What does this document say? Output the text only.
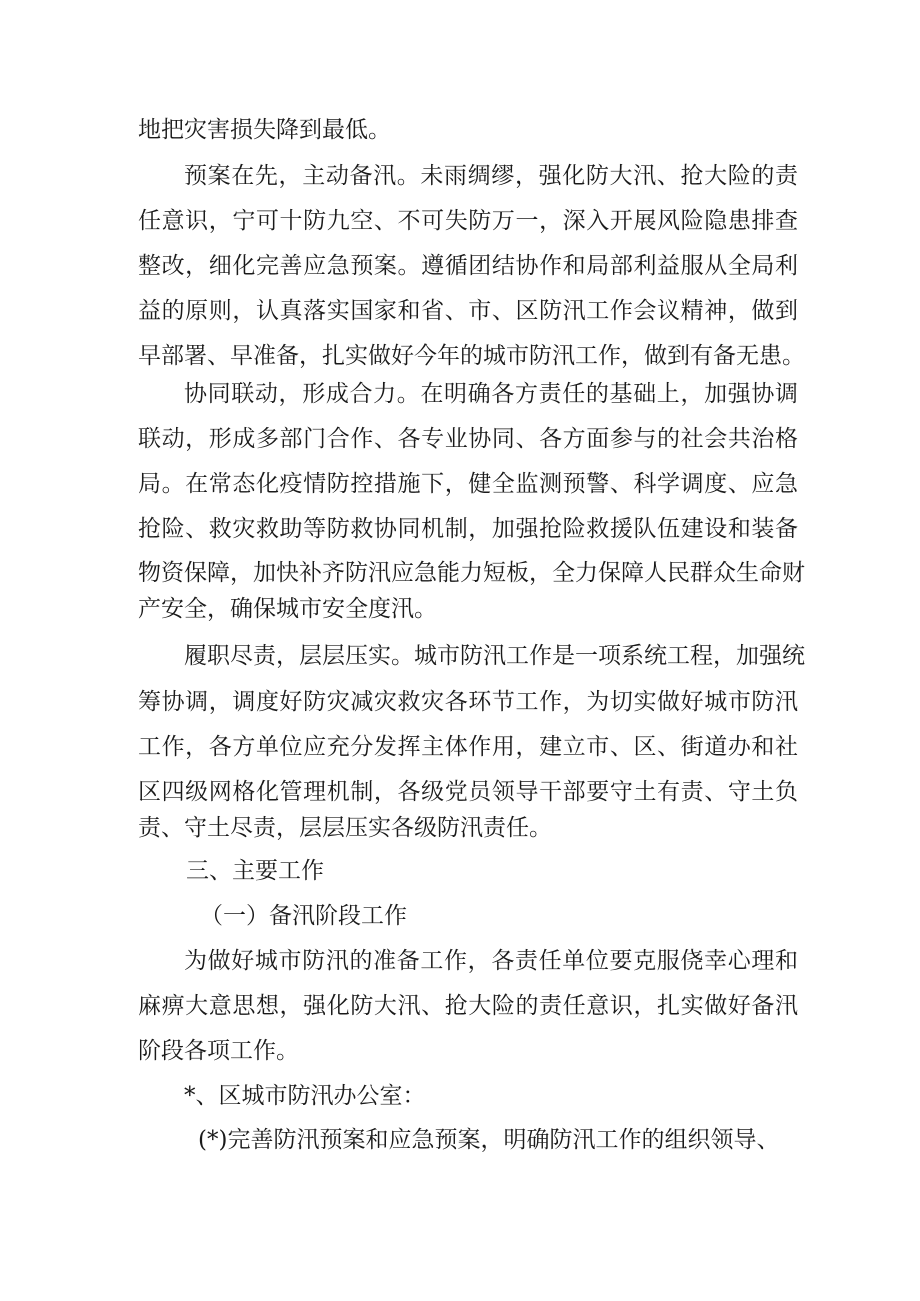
地把灾害损失降到最低。
预案在先，主动备汛。未雨绸缪，强化防大汛、抢大险的责
任意识，宁可十防九空、不可失防万一，深入开展风险隐患排查
整改，细化完善应急预案。遵循团结协作和局部利益服从全局利
益的原则，认真落实国家和省、市、区防汛工作会议精神，做到
早部署、早准备，扎实做好今年的城市防汛工作，做到有备无患。
协同联动，形成合力。在明确各方责任的基础上，加强协调
联动，形成多部门合作、各专业协同、各方面参与的社会共治格
局。在常态化疫情防控措施下，健全监测预警、科学调度、应急
抢险、救灾救助等防救协同机制，加强抢险救援队伍建设和装备
物资保障，加快补齐防汛应急能力短板，全力保障人民群众生命财
产安全，确保城市安全度汛。
履职尽责，层层压实。城市防汛工作是一项系统工程，加强统
筹协调，调度好防灾减灾救灾各环节工作，为切实做好城市防汛
工作，各方单位应充分发挥主体作用，建立市、区、街道办和社
区四级网格化管理机制，各级党员领导干部要守土有责、守土负
责、守土尽责，层层压实各级防汛责任。
三、主要工作
（一）备汛阶段工作
为做好城市防汛的准备工作，各责任单位要克服侥幸心理和
麻痹大意思想，强化防大汛、抢大险的责任意识，扎实做好备汛
阶段各项工作。
*、区城市防汛办公室：
(*)完善防汛预案和应急预案，明确防汛工作的组织领导、
